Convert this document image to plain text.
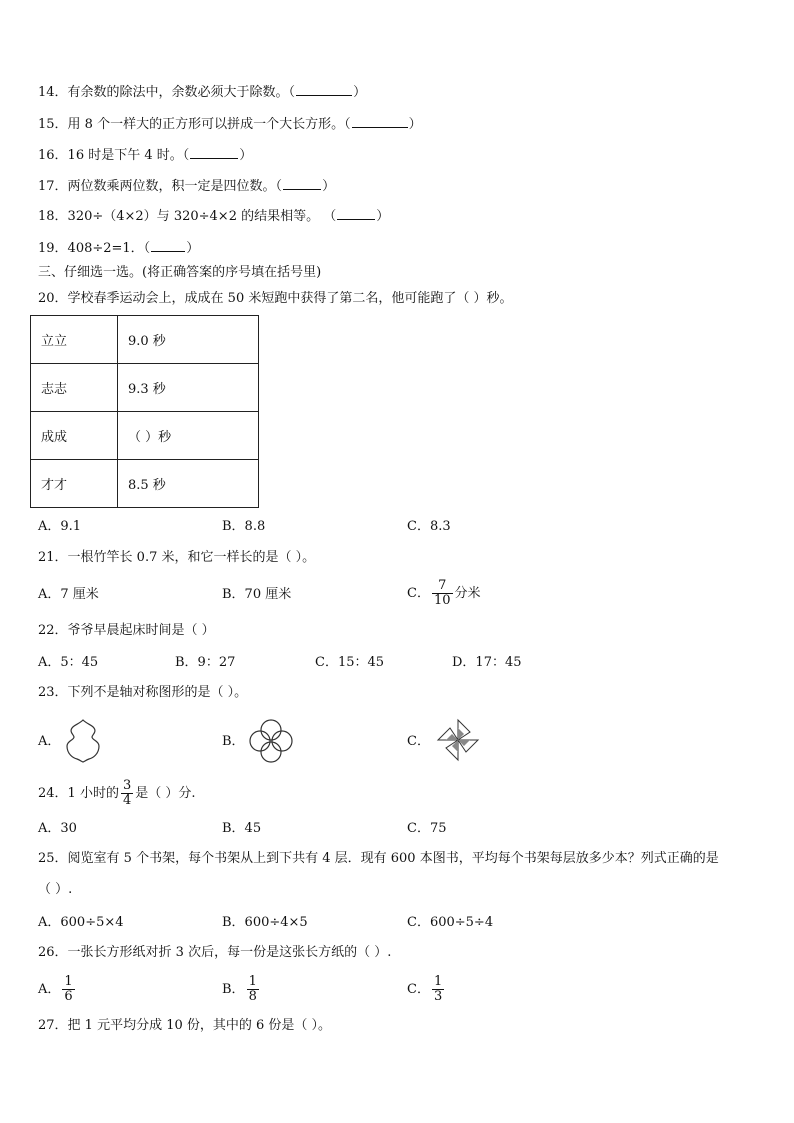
14．有余数的除法中，余数必须大于除数。（	）
15．用 8 个一样大的正方形可以拼成一个大长方形。（	）
16．16 时是下午 4 时。（	）
17．两位数乘两位数，积一定是四位数。（	）
18．320÷（4×2）与 320÷4×2 的结果相等。 （	）
19．408÷2=1．（	）
三、仔细选一选。(将正确答案的序号填在括号里)
20．学校春季运动会上，成成在 50 米短跑中获得了第二名，他可能跑了（ ）秒。
立立	9.0 秒
志志	9.3 秒
成成	（ ）秒
才才	8.5 秒
A．9.1	B．8.8	C．8.3
21．一根竹竿长 0.7 米，和它一样长的是（ ）。
A．7 厘米	B．70 厘米	C． $\frac{7}{10}$ 分米
22．爷爷早晨起床时间是（ ）
A．5：45	B．9：27	C．15：45	D．17：45
23．下列不是轴对称图形的是（ ）。
A．	B．	C．
24．1 小时的 $\frac{3}{4}$ 是（ ）分.
A．30	B．45	C．75
25．阅览室有 5 个书架，每个书架从上到下共有 4 层．现有 600 本图书，平均每个书架每层放多少本？列式正确的是
（ ）.
A．600÷5×4	B．600÷4×5	C．600÷5÷4
26．一张长方形纸对折 3 次后，每一份是这张长方纸的（ ）.
A． $\frac{1}{6}$	B． $\frac{1}{8}$	C． $\frac{1}{3}$
27．把 1 元平均分成 10 份，其中的 6 份是（ ）。
